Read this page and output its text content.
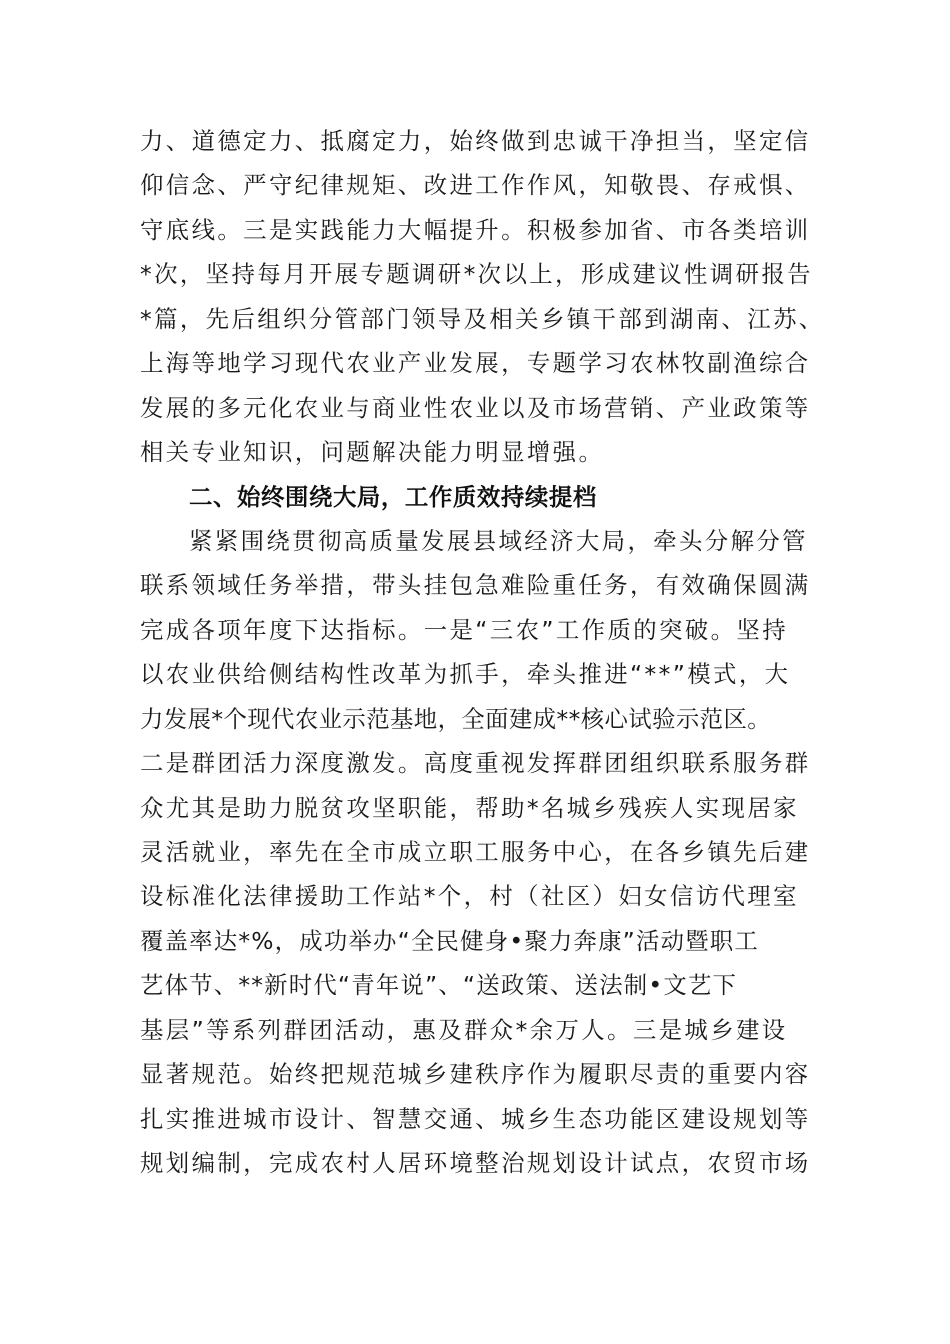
力、道德定力、抵腐定力，始终做到忠诚干净担当，坚定信
仰信念、严守纪律规矩、改进工作作风，知敬畏、存戒惧、
守底线。三是实践能力大幅提升。积极参加省、市各类培训
*次，坚持每月开展专题调研*次以上，形成建议性调研报告
*篇，先后组织分管部门领导及相关乡镇干部到湖南、江苏、
上海等地学习现代农业产业发展，专题学习农林牧副渔综合
发展的多元化农业与商业性农业以及市场营销、产业政策等
相关专业知识，问题解决能力明显增强。
二、始终围绕大局，工作质效持续提档
紧紧围绕贯彻高质量发展县域经济大局，牵头分解分管
联系领域任务举措，带头挂包急难险重任务，有效确保圆满
完成各项年度下达指标。一是“三农”工作质的突破。坚持
以农业供给侧结构性改革为抓手，牵头推进“**”模式，大
力发展*个现代农业示范基地，全面建成**核心试验示范区。
二是群团活力深度激发。高度重视发挥群团组织联系服务群
众尤其是助力脱贫攻坚职能，帮助*名城乡残疾人实现居家
灵活就业，率先在全市成立职工服务中心，在各乡镇先后建
设标准化法律援助工作站*个，村（社区）妇女信访代理室
覆盖率达*%，成功举办“全民健身•聚力奔康”活动暨职工
艺体节、**新时代“青年说”、“送政策、送法制•文艺下
基层”等系列群团活动，惠及群众*余万人。三是城乡建设
显著规范。始终把规范城乡建秩序作为履职尽责的重要内容
扎实推进城市设计、智慧交通、城乡生态功能区建设规划等
规划编制，完成农村人居环境整治规划设计试点，农贸市场
